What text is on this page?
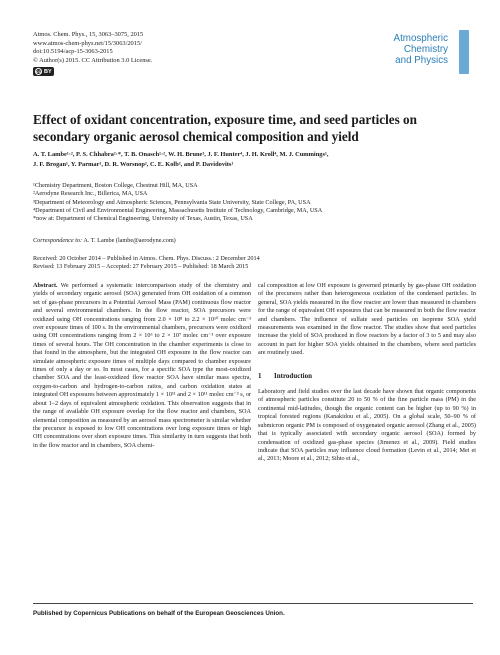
Atmos. Chem. Phys., 15, 3063–3075, 2015
www.atmos-chem-phys.net/15/3063/2015/
doi:10.5194/acp-15-3063-2015
© Author(s) 2015. CC Attribution 3.0 License.
cc BY
Atmospheric
Chemistry
and Physics	Open Access
Effect of oxidant concentration, exposure time, and seed particles on secondary organic aerosol chemical composition and yield
A. T. Lambe¹·², P. S. Chhabra²·*, T. B. Onasch¹·², W. H. Brune³, J. F. Hunter⁴, J. H. Kroll⁴, M. J. Cummings¹,
J. F. Brogan¹, Y. Parmar¹, D. R. Worsnop², C. E. Kolb², and P. Davidovits¹
¹Chemistry Department, Boston College, Chestnut Hill, MA, USA
²Aerodyne Research Inc., Billerica, MA, USA
³Department of Meteorology and Atmospheric Sciences, Pennsylvania State University, State College, PA, USA
⁴Department of Civil and Environmental Engineering, Massachusetts Institute of Technology, Cambridge, MA, USA
*now at: Department of Chemical Engineering, University of Texas, Austin, Texas, USA
Correspondence to: A. T. Lambe (lambe@aerodyne.com)
Received: 20 October 2014 – Published in Atmos. Chem. Phys. Discuss.: 2 December 2014
Revised: 13 February 2015 – Accepted: 27 February 2015 – Published: 18 March 2015

Abstract. We performed a systematic intercomparison study of the chemistry and yields of secondary organic aerosol (SOA) generated from OH oxidation of a common set of gas-phase precursors in a Potential Aerosol Mass (PAM) continuous flow reactor and several environmental chambers. In the flow reactor, SOA precursors were oxidized using OH concentrations ranging from 2.0 × 10⁸ to 2.2 × 10¹⁰ molec cm⁻³ over exposure times of 100 s. In the environmental chambers, precursors were oxidized using OH concentrations ranging from 2 × 10⁶ to 2 × 10⁷ molec cm⁻³ over exposure times of several hours. The OH concentration in the chamber experiments is close to that found in the atmosphere, but the integrated OH exposure in the flow reactor can simulate atmospheric exposure times of multiple days compared to chamber exposure times of only a day or so. In most cases, for a specific SOA type the most-oxidized chamber SOA and the least-oxidized flow reactor SOA have similar mass spectra, oxygen-to-carbon and hydrogen-to-carbon ratios, and carbon oxidation states at integrated OH exposures between approximately 1 × 10¹¹ and 2 × 10¹¹ molec cm⁻³ s, or about 1–2 days of equivalent atmospheric oxidation. This observation suggests that in the range of available OH exposure overlap for the flow reactor and chambers, SOA elemental composition as measured by an aerosol mass spectrometer is similar whether the precursor is exposed to low OH concentrations over long exposure times or high OH concentrations over short exposure times. This similarity in turn suggests that both in the flow reactor and in chambers, SOA chemi-

cal composition at low OH exposure is governed primarily by gas-phase OH oxidation of the precursors rather than heterogeneous oxidation of the condensed particles. In general, SOA yields measured in the flow reactor are lower than measured in chambers for the range of equivalent OH exposures that can be measured in both the flow reactor and chambers. The influence of sulfate seed particles on isoprene SOA yield measurements was examined in the flow reactor. The studies show that seed particles increase the yield of SOA produced in flow reactors by a factor of 3 to 5 and may also account in part for higher SOA yields obtained in the chambers, where seed particles are routinely used.

1 Introduction

Laboratory and field studies over the last decade have shown that organic components of atmospheric particles constitute 20 to 50 % of the fine particle mass (PM) in the continental mid-latitudes, though the organic content can be higher (up to 90 %) in tropical forested regions (Kanakidou et al., 2005). On a global scale, 50–90 % of submicron organic PM is composed of oxygenated organic aerosol (Zhang et al., 2005) that is typically associated with secondary organic aerosol (SOA) formed by condensation of oxidized gas-phase species (Jimenez et al., 2009). Field studies indicate that SOA particles may influence cloud formation (Levin et al., 2014; Mei et al., 2013; Moore et al., 2012; Sihto et al.,

Published by Copernicus Publications on behalf of the European Geosciences Union.
